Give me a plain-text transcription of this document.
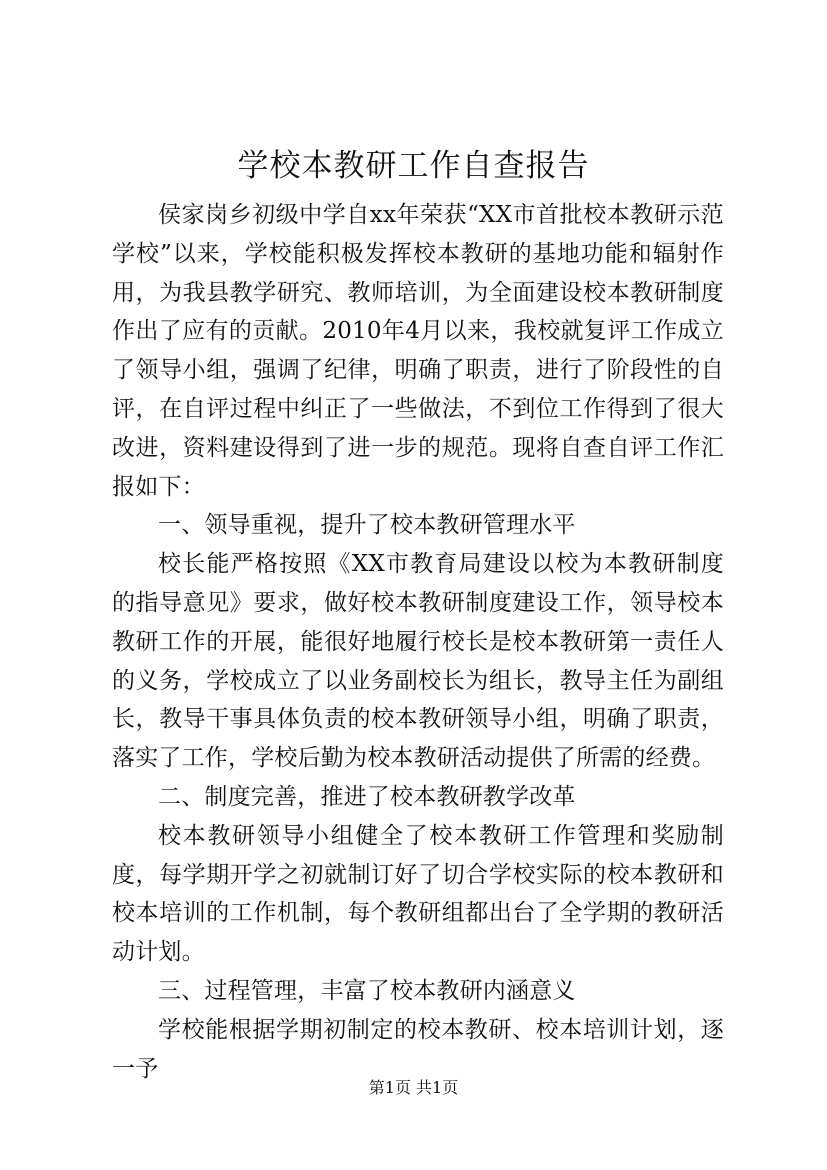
学校本教研工作自查报告

侯家岗乡初级中学自xx年荣获“XX市首批校本教研示范学校”以来，学校能积极发挥校本教研的基地功能和辐射作用，为我县教学研究、教师培训，为全面建设校本教研制度作出了应有的贡献。2010年4月以来，我校就复评工作成立了领导小组，强调了纪律，明确了职责，进行了阶段性的自评，在自评过程中纠正了一些做法，不到位工作得到了很大改进，资料建设得到了进一步的规范。现将自查自评工作汇报如下：

一、领导重视，提升了校本教研管理水平

校长能严格按照《XX市教育局建设以校为本教研制度的指导意见》要求，做好校本教研制度建设工作，领导校本教研工作的开展，能很好地履行校长是校本教研第一责任人的义务，学校成立了以业务副校长为组长，教导主任为副组长，教导干事具体负责的校本教研领导小组，明确了职责，落实了工作，学校后勤为校本教研活动提供了所需的经费。

二、制度完善，推进了校本教研教学改革

校本教研领导小组健全了校本教研工作管理和奖励制度，每学期开学之初就制订好了切合学校实际的校本教研和校本培训的工作机制，每个教研组都出台了全学期的教研活动计划。

三、过程管理，丰富了校本教研内涵意义

学校能根据学期初制定的校本教研、校本培训计划，逐一予

第1页 共1页
